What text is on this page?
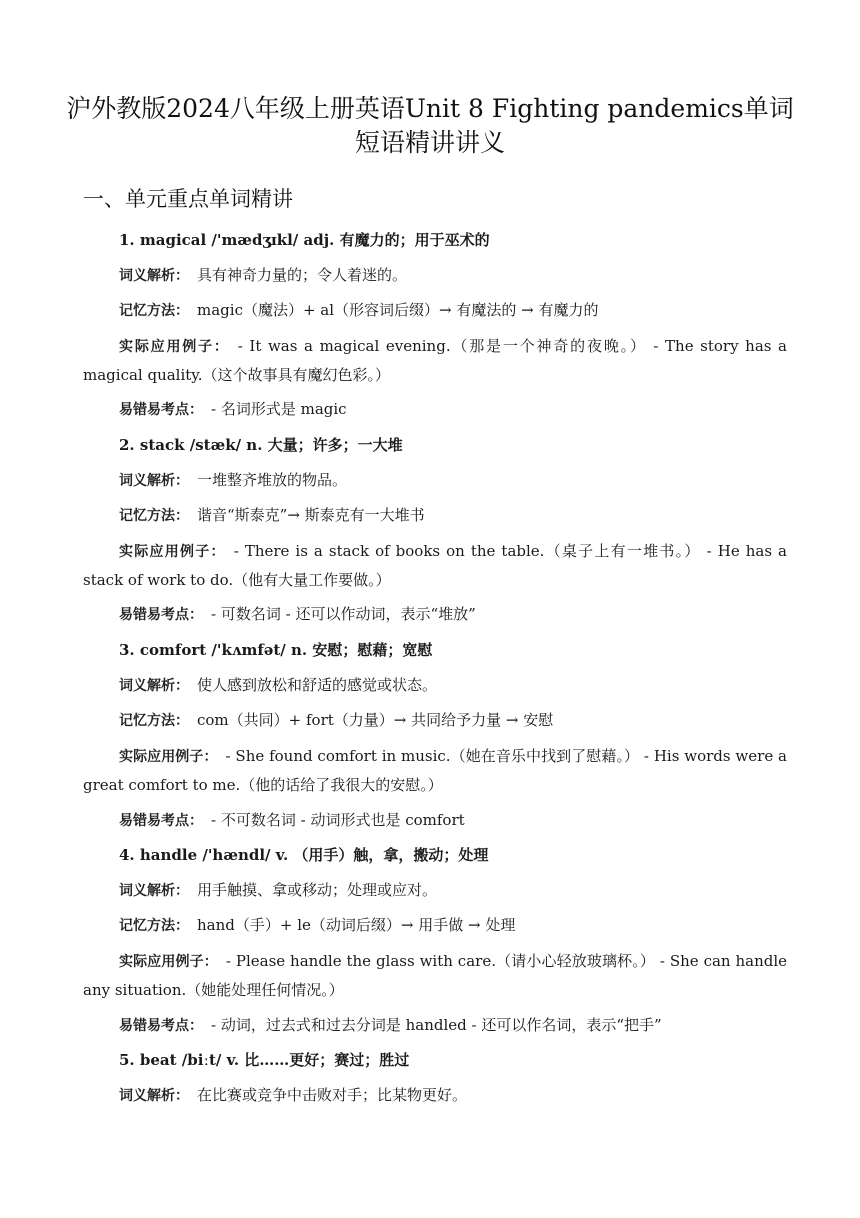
沪外教版2024八年级上册英语Unit 8 Fighting pandemics单词短语精讲讲义
一、单元重点单词精讲
1. magical /'mædʒɪkl/ adj. 有魔力的；用于巫术的
词义解析： 具有神奇力量的；令人着迷的。
记忆方法： magic（魔法）+ al（形容词后缀）→ 有魔法的 → 有魔力的
实际应用例子： - It was a magical evening.（那是一个神奇的夜晚。） - The story has a magical quality.（这个故事具有魔幻色彩。）
易错易考点： - 名词形式是 magic
2. stack /stæk/ n. 大量；许多；一大堆
词义解析： 一堆整齐堆放的物品。
记忆方法： 谐音“斯泰克”→ 斯泰克有一大堆书
实际应用例子： - There is a stack of books on the table.（桌子上有一堆书。） - He has a stack of work to do.（他有大量工作要做。）
易错易考点： - 可数名词 - 还可以作动词，表示“堆放”
3. comfort /'kʌmfət/ n. 安慰；慰藉；宽慰
词义解析： 使人感到放松和舒适的感觉或状态。
记忆方法： com（共同）+ fort（力量）→ 共同给予力量 → 安慰
实际应用例子： - She found comfort in music.（她在音乐中找到了慰藉。） - His words were a great comfort to me.（他的话给了我很大的安慰。）
易错易考点： - 不可数名词 - 动词形式也是 comfort
4. handle /'hændl/ v. （用手）触，拿，搬动；处理
词义解析： 用手触摸、拿或移动；处理或应对。
记忆方法： hand（手）+ le（动词后缀）→ 用手做 → 处理
实际应用例子： - Please handle the glass with care.（请小心轻放玻璃杯。） - She can handle any situation.（她能处理任何情况。）
易错易考点： - 动词，过去式和过去分词是 handled - 还可以作名词，表示“把手”
5. beat /biːt/ v. 比……更好；赛过；胜过
词义解析： 在比赛或竞争中击败对手；比某物更好。
